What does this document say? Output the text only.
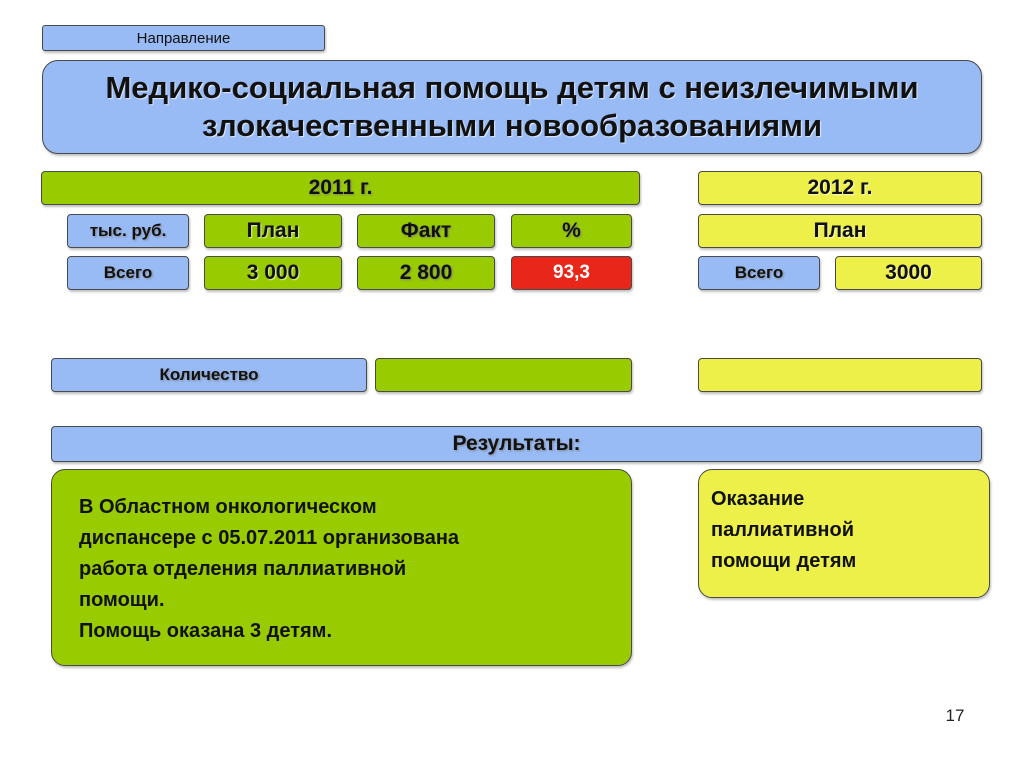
Направление
Медико-социальная помощь детям с неизлечимыми
злокачественными новообразованиями
2011 г.	2012 г.
тыс. руб.	План	Факт	%	План
Всего	3 000	2 800	93,3	Всего	3000
Количество
Результаты:
В Областном онкологическом
диспансере с 05.07.2011 организована
работа отделения паллиативной
помощи.
Помощь оказана 3 детям.
Оказание
паллиативной
помощи детям
17
